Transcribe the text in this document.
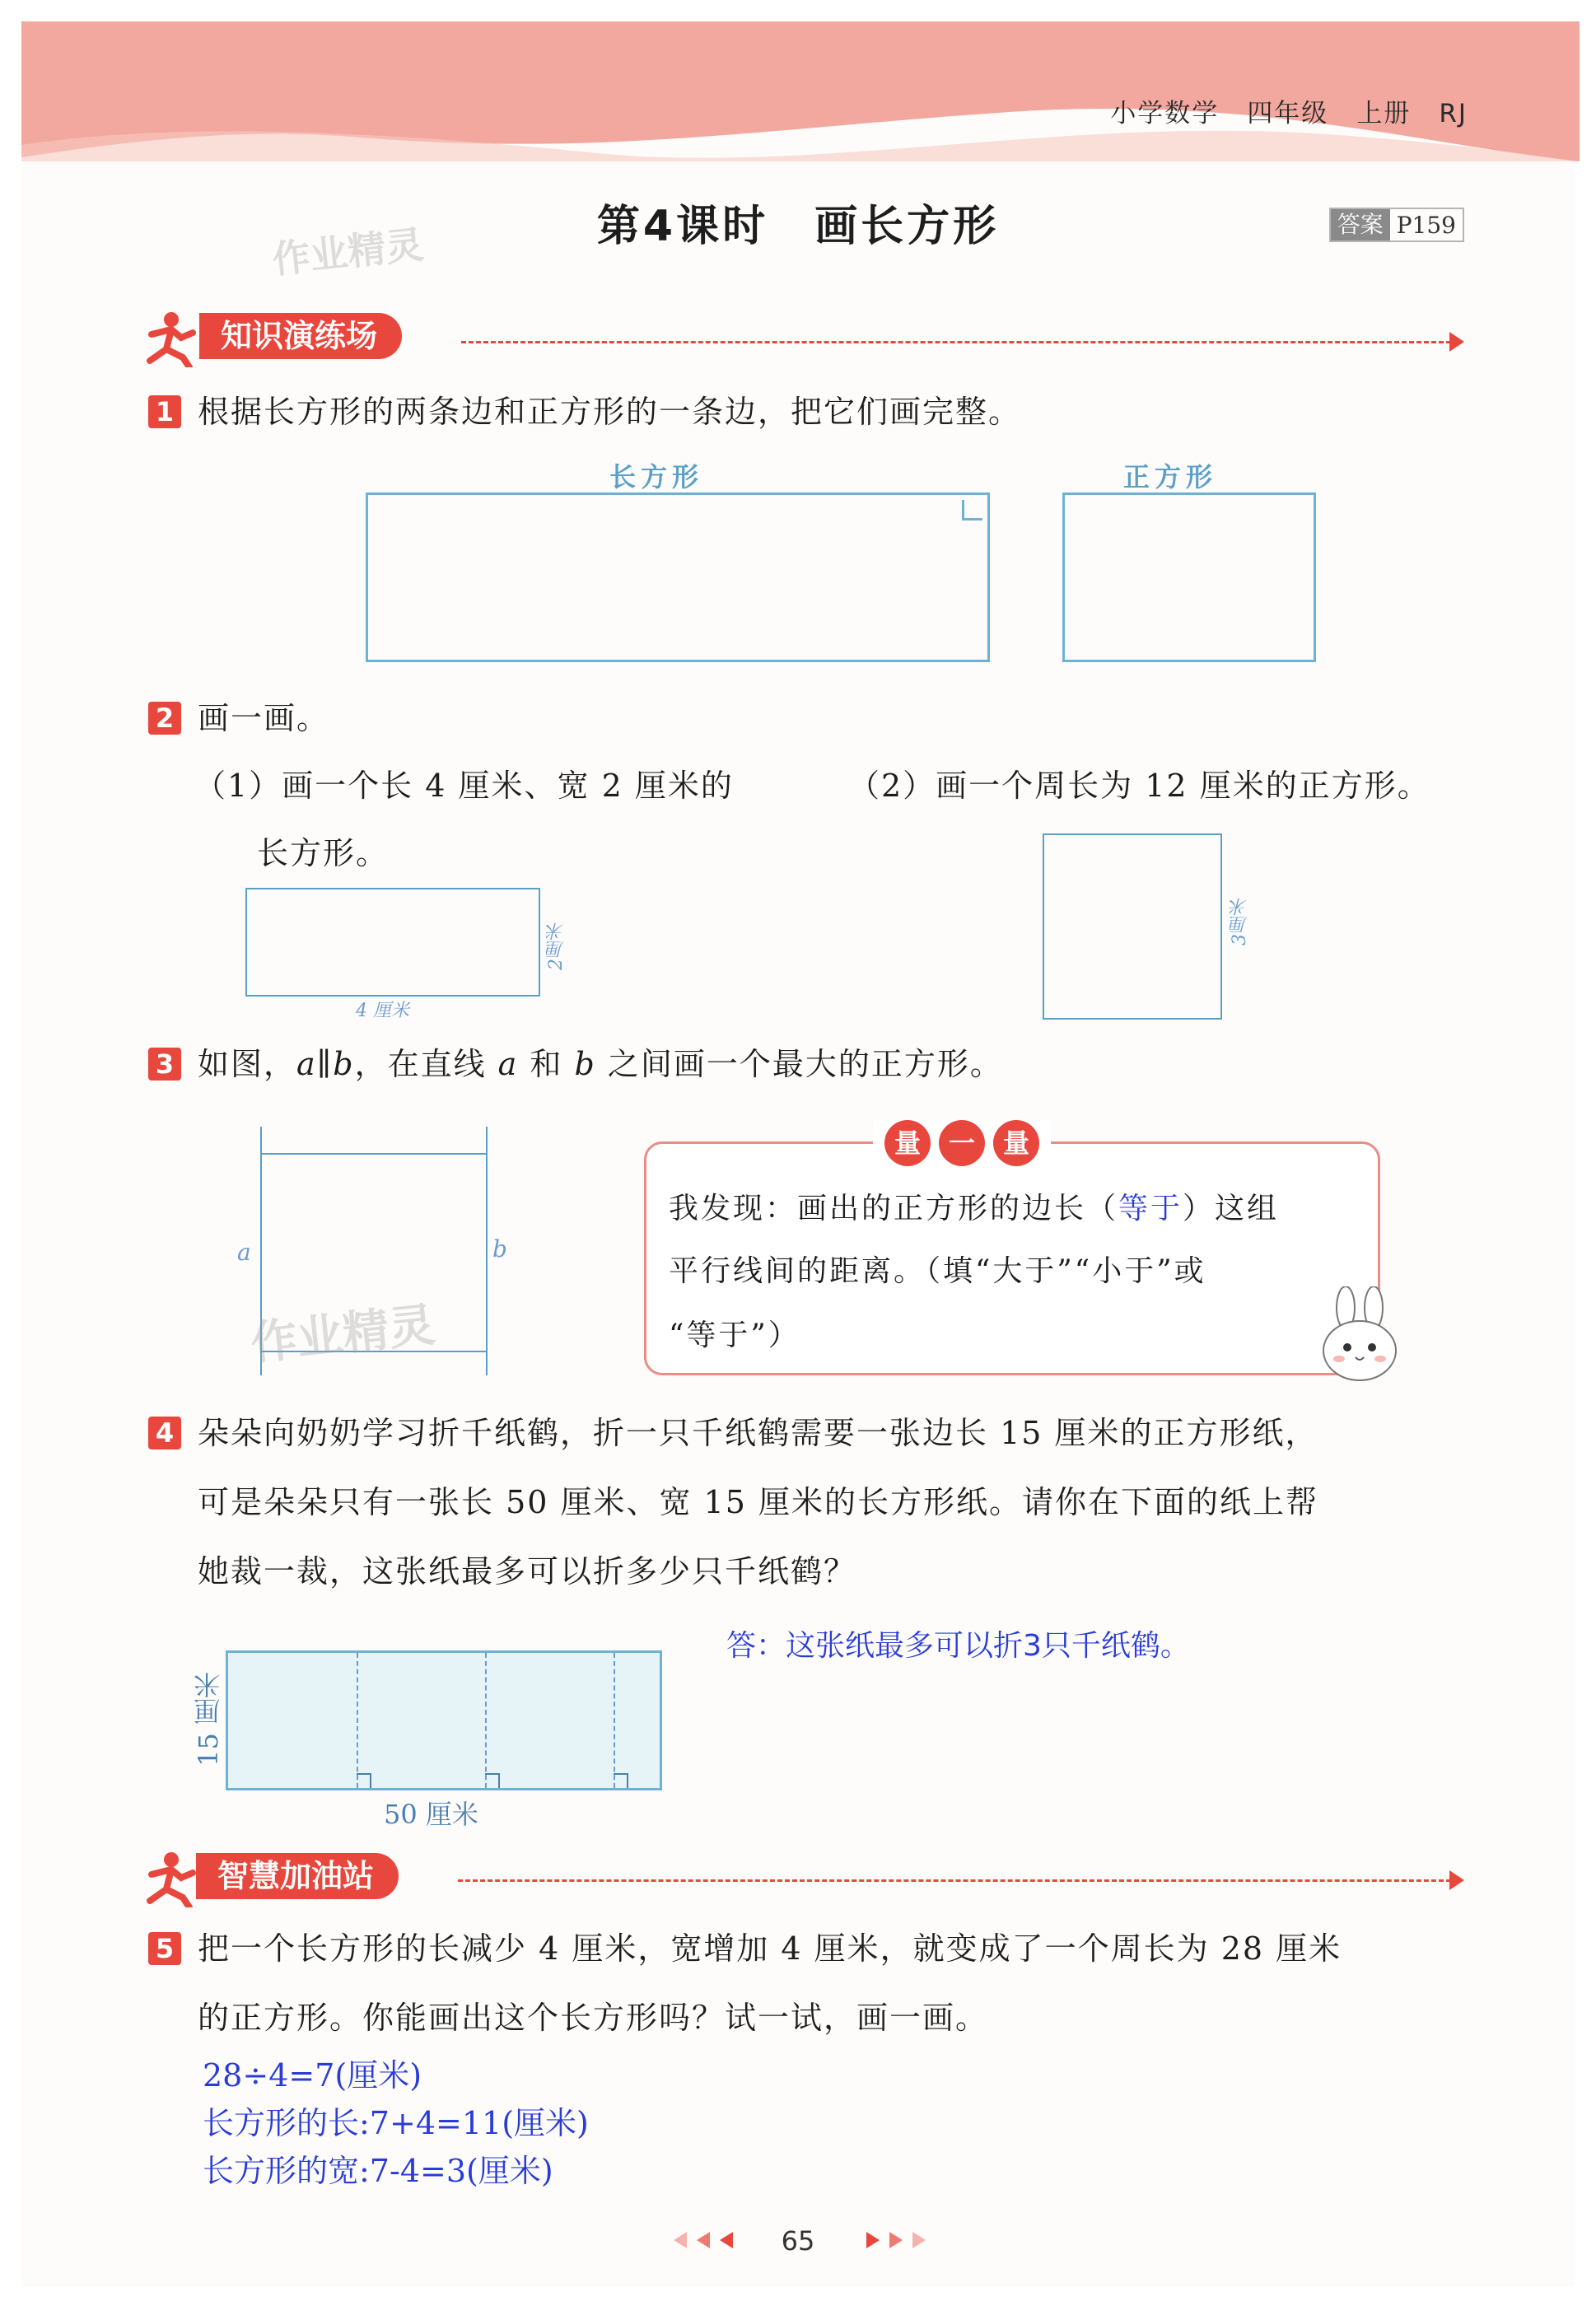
小学数学 四年级 上册 RJ
第4课时　画长方形	答案 P159
作业精灵
知识演练场
1 根据长方形的两条边和正方形的一条边，把它们画完整。
长方形	正方形
2 画一画。
（1）画一个长 4 厘米、宽 2 厘米的
长方形。
（2）画一个周长为 12 厘米的正方形。
4 厘米
2厘米
3厘米
3 如图，a∥b，在直线 a 和 b 之间画一个最大的正方形。
a	b
作业精灵
量	一	量
我发现：画出的正方形的边长（等于）这组
平行线间的距离。（填“大于”“小于”或
“等于”）
4 朵朵向奶奶学习折千纸鹤，折一只千纸鹤需要一张边长 15 厘米的正方形纸，
可是朵朵只有一张长 50 厘米、宽 15 厘米的长方形纸。请你在下面的纸上帮
她裁一裁，这张纸最多可以折多少只千纸鹤？
答：这张纸最多可以折3只千纸鹤。
15 厘米
50 厘米
智慧加油站
5 把一个长方形的长减少 4 厘米，宽增加 4 厘米，就变成了一个周长为 28 厘米
的正方形。你能画出这个长方形吗？试一试，画一画。
28÷4=7(厘米)
长方形的长:7+4=11(厘米)
长方形的宽:7-4=3(厘米)
65
